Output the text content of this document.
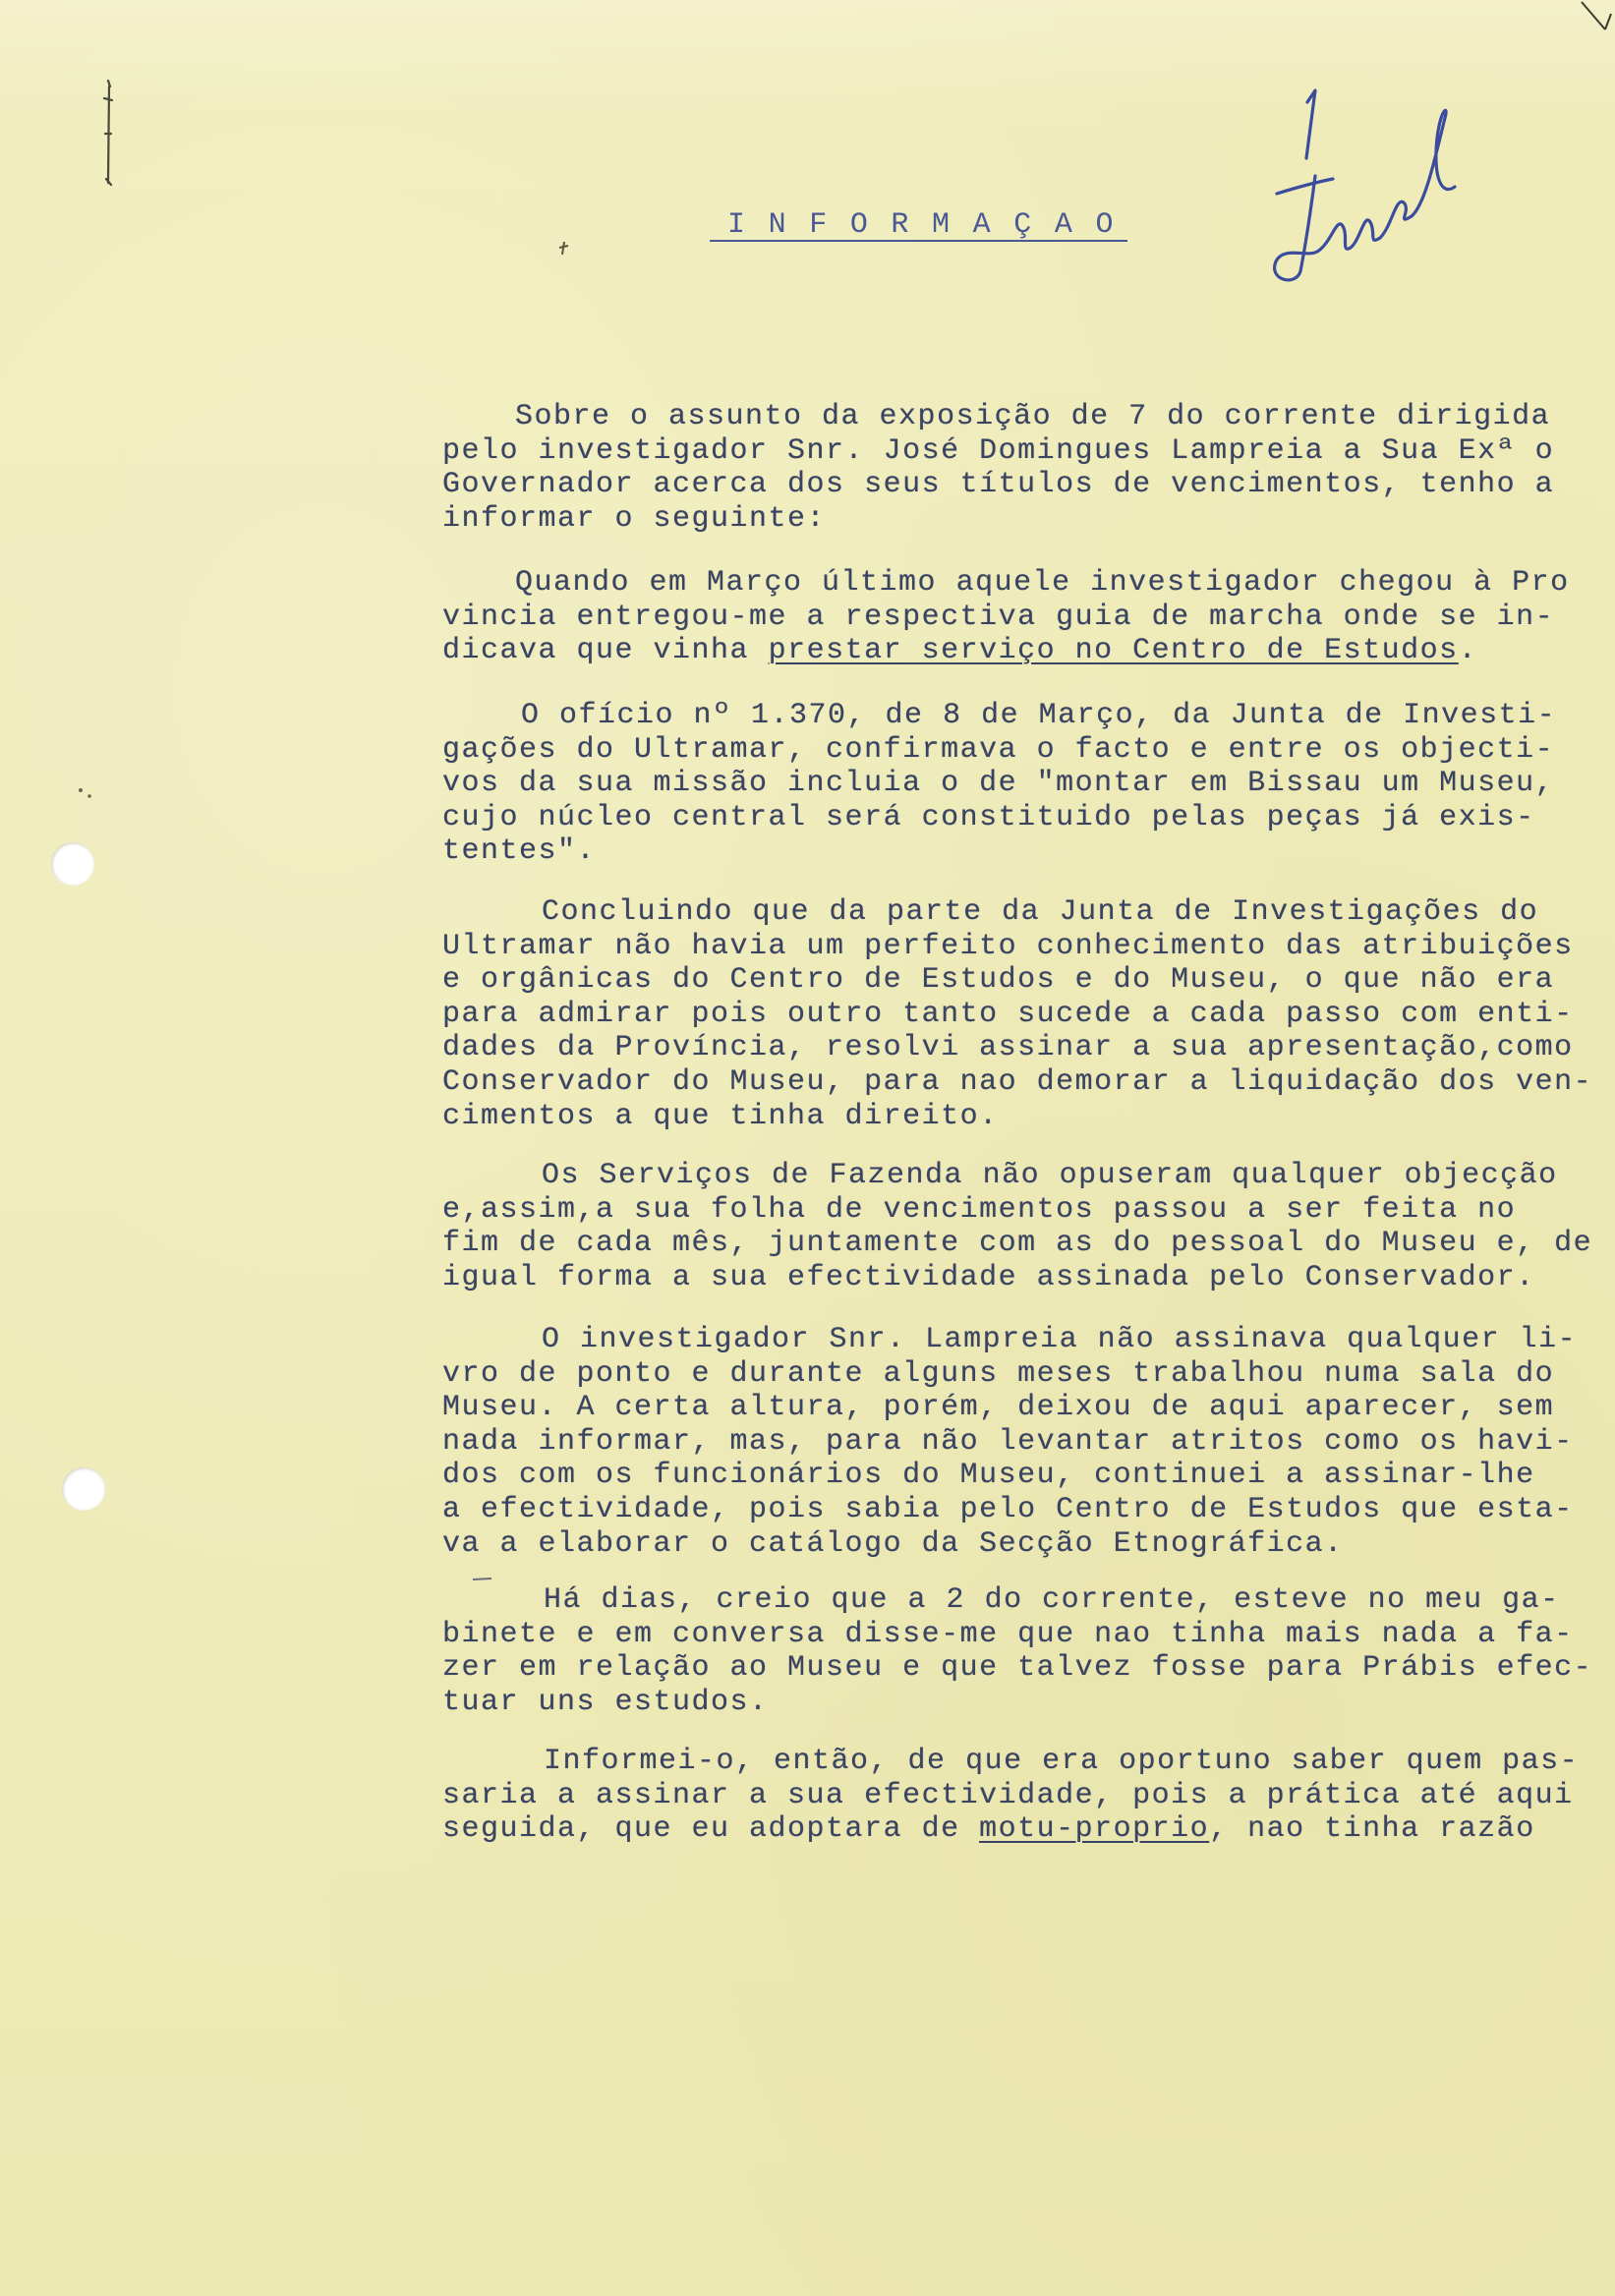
I N F O R M A Ç A O
Sobre o assunto da exposição de 7 do corrente dirigida
pelo investigador Snr. José Domingues Lampreia a Sua Exª o
Governador acerca dos seus títulos de vencimentos, tenho a
informar o seguinte:
Quando em Março último aquele investigador chegou à Pro
vincia entregou-me a respectiva guia de marcha onde se in-
dicava que vinha prestar serviço no Centro de Estudos.
O ofício nº 1.370, de 8 de Março, da Junta de Investi-
gações do Ultramar, confirmava o facto e entre os objecti-
vos da sua missão incluia o de "montar em Bissau um Museu,
cujo núcleo central será constituido pelas peças já exis-
tentes".
Concluindo que da parte da Junta de Investigações do
Ultramar não havia um perfeito conhecimento das atribuições
e orgânicas do Centro de Estudos e do Museu, o que não era
para admirar pois outro tanto sucede a cada passo com enti-
dades da Província, resolvi assinar a sua apresentação,como
Conservador do Museu, para nao demorar a liquidação dos ven-
cimentos a que tinha direito.
Os Serviços de Fazenda não opuseram qualquer objecção
e,assim,a sua folha de vencimentos passou a ser feita no
fim de cada mês, juntamente com as do pessoal do Museu e, de
igual forma a sua efectividade assinada pelo Conservador.
O investigador Snr. Lampreia não assinava qualquer li-
vro de ponto e durante alguns meses trabalhou numa sala do
Museu. A certa altura, porém, deixou de aqui aparecer, sem
nada informar, mas, para não levantar atritos como os havi-
dos com os funcionários do Museu, continuei a assinar-lhe
a efectividade, pois sabia pelo Centro de Estudos que esta-
va a elaborar o catálogo da Secção Etnográfica.
Há dias, creio que a 2 do corrente, esteve no meu ga-
binete e em conversa disse-me que nao tinha mais nada a fa-
zer em relação ao Museu e que talvez fosse para Prábis efec-
tuar uns estudos.
Informei-o, então, de que era oportuno saber quem pas-
saria a assinar a sua efectividade, pois a prática até aqui
seguida, que eu adoptara de motu-proprio, nao tinha razão
